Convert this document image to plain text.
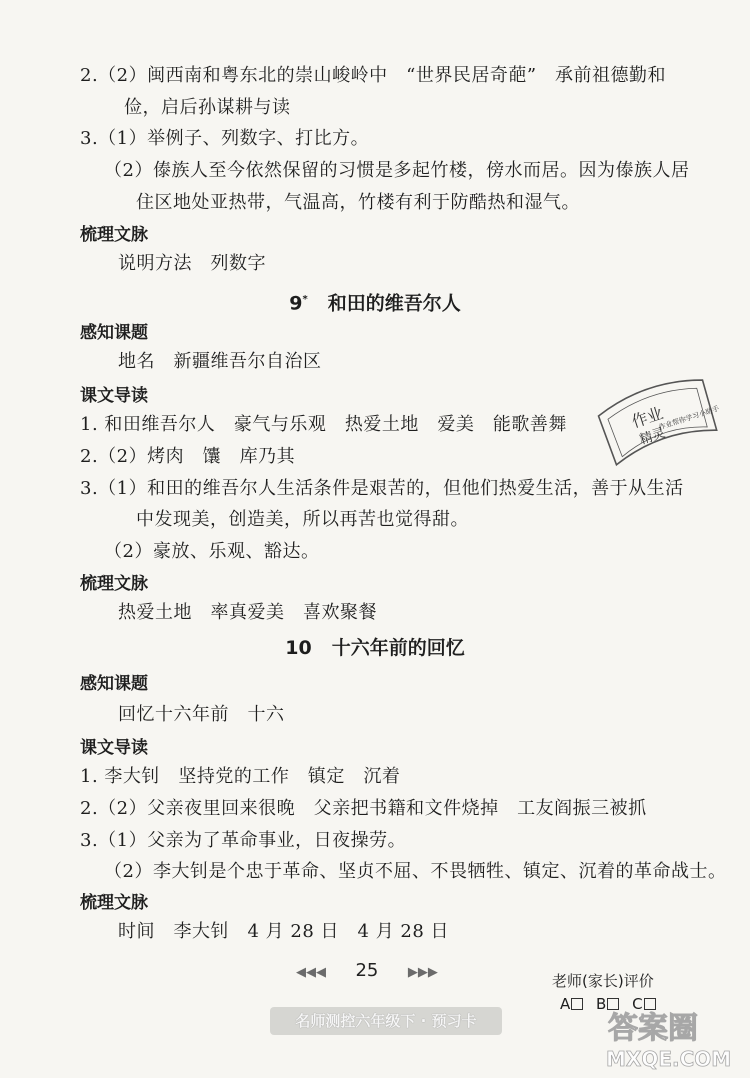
2.（2）闽西南和粤东北的崇山峻岭中　“世界民居奇葩”　承前祖德勤和
俭，启后孙谋耕与读
3.（1）举例子、列数字、打比方。
（2）傣族人至今依然保留的习惯是多起竹楼，傍水而居。因为傣族人居
住区地处亚热带，气温高，竹楼有利于防酷热和湿气。
梳理文脉
说明方法　列数字
9* 和田的维吾尔人
感知课题
地名　新疆维吾尔自治区
课文导读
1. 和田维吾尔人　豪气与乐观　热爱土地　爱美　能歌善舞
2.（2）烤肉　馕　库乃其
3.（1）和田的维吾尔人生活条件是艰苦的，但他们热爱生活，善于从生活
中发现美，创造美，所以再苦也觉得甜。
（2）豪放、乐观、豁达。
梳理文脉
热爱土地　率真爱美　喜欢聚餐
10 十六年前的回忆
感知课题
回忆十六年前　十六
课文导读
1. 李大钊　坚持党的工作　镇定　沉着
2.（2）父亲夜里回来很晚　父亲把书籍和文件烧掉　工友阎振三被抓
3.（1）父亲为了革命事业，日夜操劳。
（2）李大钊是个忠于革命、坚贞不屈、不畏牺牲、镇定、沉着的革命战士。
梳理文脉
时间　李大钊　4 月 28 日　4 月 28 日
作业
精灵
作业帮你学习小助手
◀◀◀ 25 ▶▶▶	老师(家长)评价
A B C
名师测控六年级下 · 预习卡	答案圈
MXQE.COM
